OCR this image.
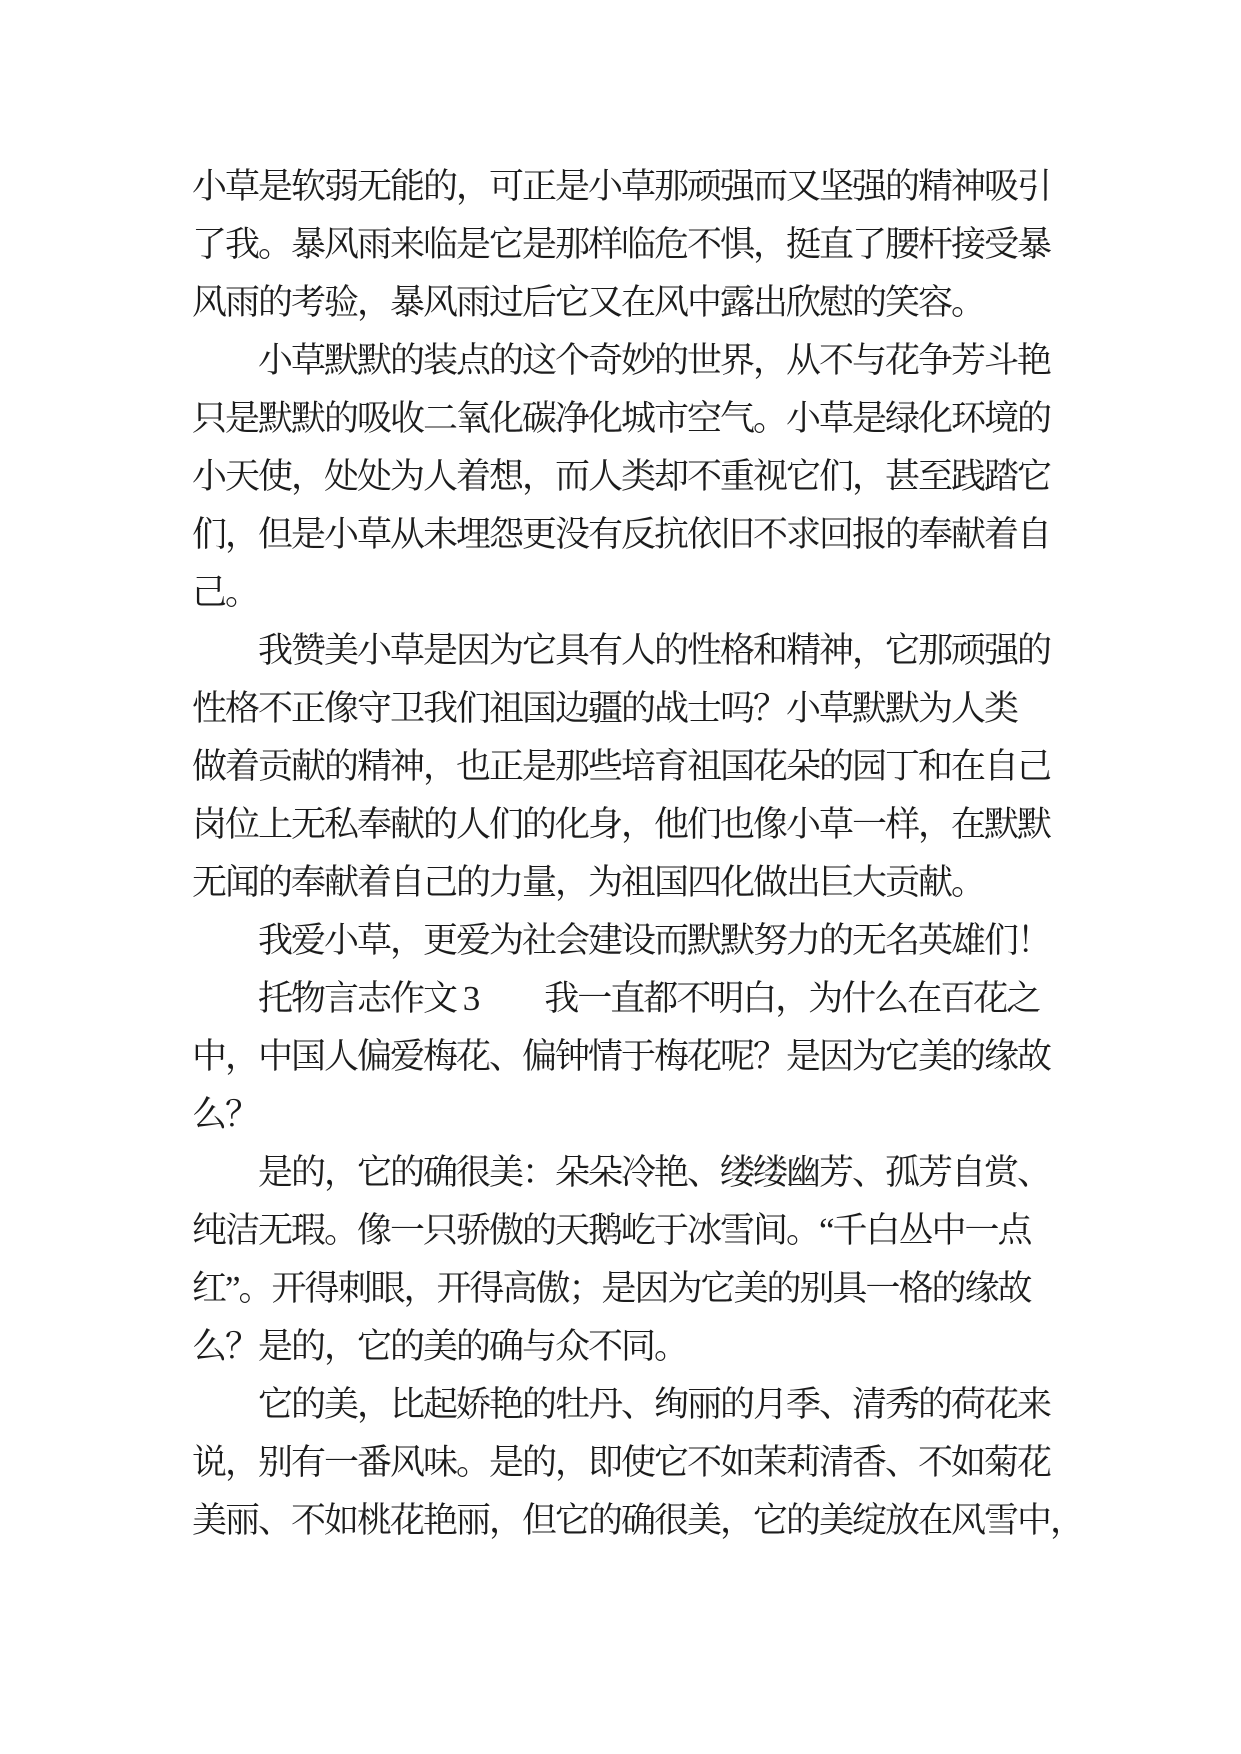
小草是软弱无能的，可正是小草那顽强而又坚强的精神吸引
了我。暴风雨来临是它是那样临危不惧，挺直了腰杆接受暴
风雨的考验，暴风雨过后它又在风中露出欣慰的笑容。
　　小草默默的装点的这个奇妙的世界，从不与花争芳斗艳
只是默默的吸收二氧化碳净化城市空气。小草是绿化环境的
小天使，处处为人着想，而人类却不重视它们，甚至践踏它
们，但是小草从未埋怨更没有反抗依旧不求回报的奉献着自
己。
　　我赞美小草是因为它具有人的性格和精神，它那顽强的
性格不正像守卫我们祖国边疆的战士吗？小草默默为人类
做着贡献的精神，也正是那些培育祖国花朵的园丁和在自己
岗位上无私奉献的人们的化身，他们也像小草一样，在默默
无闻的奉献着自己的力量，为祖国四化做出巨大贡献。
　　我爱小草，更爱为社会建设而默默努力的无名英雄们！
　　托物言志作文 3　　我一直都不明白，为什么在百花之
中，中国人偏爱梅花、偏钟情于梅花呢？是因为它美的缘故
么？
　　是的，它的确很美：朵朵冷艳、缕缕幽芳、孤芳自赏、
纯洁无瑕。像一只骄傲的天鹅屹于冰雪间。“千白丛中一点
红”。开得刺眼，开得高傲；是因为它美的别具一格的缘故
么？是的，它的美的确与众不同。
　　它的美，比起娇艳的牡丹、绚丽的月季、清秀的荷花来
说，别有一番风味。是的，即使它不如茉莉清香、不如菊花
美丽、不如桃花艳丽，但它的确很美，它的美绽放在风雪中，
